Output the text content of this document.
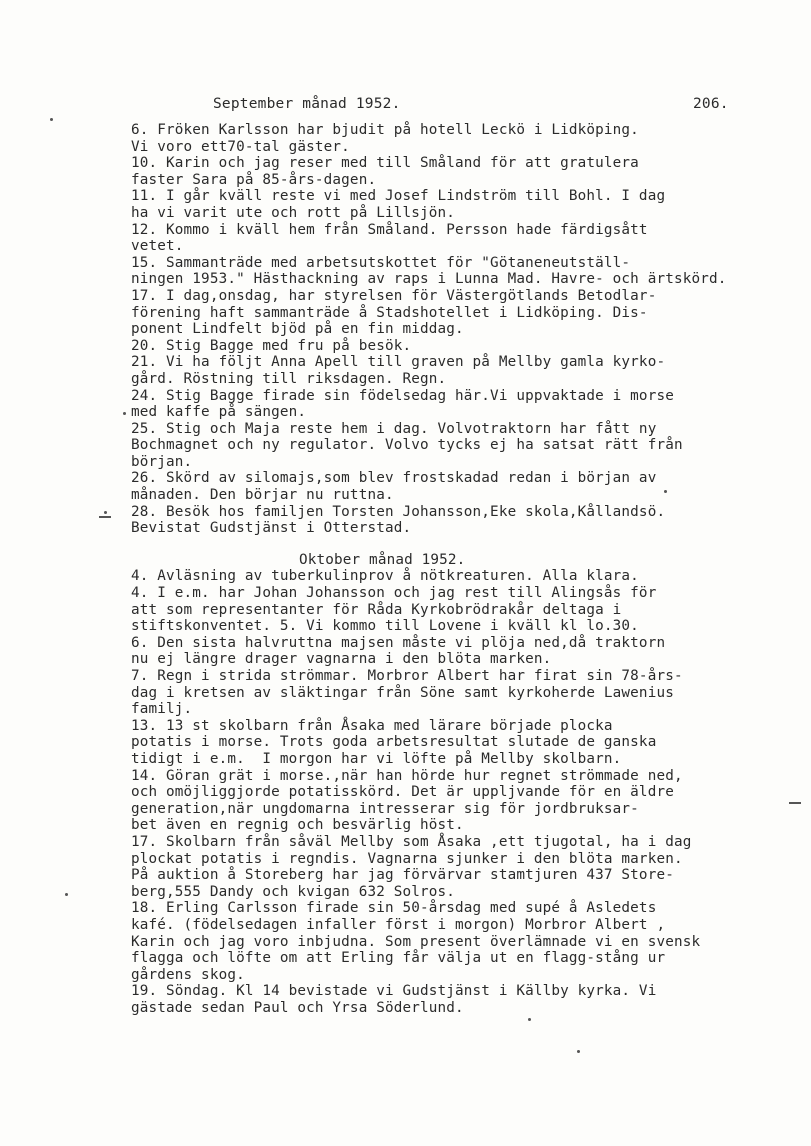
September månad 1952.	206.
6. Fröken Karlsson har bjudit på hotell Leckö i Lidköping.
Vi voro ett70-tal gäster.
10. Karin och jag reser med till Småland för att gratulera
faster Sara på 85-års-dagen.
11. I går kväll reste vi med Josef Lindström till Bohl. I dag
ha vi varit ute och rott på Lillsjön.
12. Kommo i kväll hem från Småland. Persson hade färdigsått
vetet.
15. Sammanträde med arbetsutskottet för "Götaneneutställ-
ningen 1953." Hästhackning av raps i Lunna Mad. Havre- och ärtskörd.
17. I dag,onsdag, har styrelsen för Västergötlands Betodlar-
förening haft sammanträde å Stadshotellet i Lidköping. Dis-
ponent Lindfelt bjöd på en fin middag.
20. Stig Bagge med fru på besök.
21. Vi ha följt Anna Apell till graven på Mellby gamla kyrko-
gård. Röstning till riksdagen. Regn.
24. Stig Bagge firade sin födelsedag här.Vi uppvaktade i morse
med kaffe på sängen.
25. Stig och Maja reste hem i dag. Volvotraktorn har fått ny
Bochmagnet och ny regulator. Volvo tycks ej ha satsat rätt från
början.
26. Skörd av silomajs,som blev frostskadad redan i början av
månaden. Den börjar nu ruttna.
28. Besök hos familjen Torsten Johansson,Eke skola,Kållandsö.
Bevistat Gudstjänst i Otterstad.
Oktober månad 1952.
4. Avläsning av tuberkulinprov å nötkreaturen. Alla klara.
4. I e.m. har Johan Johansson och jag rest till Alingsås för
att som representanter för Råda Kyrkobrödrakår deltaga i
stiftskonventet. 5. Vi kommo till Lovene i kväll kl lo.30.
6. Den sista halvruttna majsen måste vi plöja ned,då traktorn
nu ej längre drager vagnarna i den blöta marken.
7. Regn i strida strömmar. Morbror Albert har firat sin 78-års-
dag i kretsen av släktingar från Söne samt kyrkoherde Lawenius
familj.
13. 13 st skolbarn från Åsaka med lärare började plocka
potatis i morse. Trots goda arbetsresultat slutade de ganska
tidigt i e.m.  I morgon har vi löfte på Mellby skolbarn.
14. Göran grät i morse.,när han hörde hur regnet strömmade ned,
och omöjliggjorde potatisskörd. Det är uppljvande för en äldre
generation,när ungdomarna intresserar sig för jordbruksar-
bet även en regnig och besvärlig höst.
17. Skolbarn från såväl Mellby som Åsaka ,ett tjugotal, ha i dag
plockat potatis i regndis. Vagnarna sjunker i den blöta marken.
På auktion å Storeberg har jag förvärvar stamtjuren 437 Store-
berg,555 Dandy och kvigan 632 Solros.
18. Erling Carlsson firade sin 50-årsdag med supé å Asledets
kafé. (födelsedagen infaller först i morgon) Morbror Albert ,
Karin och jag voro inbjudna. Som present överlämnade vi en svensk
flagga och löfte om att Erling får välja ut en flagg-stång ur
gårdens skog.
19. Söndag. Kl 14 bevistade vi Gudstjänst i Källby kyrka. Vi
gästade sedan Paul och Yrsa Söderlund.
